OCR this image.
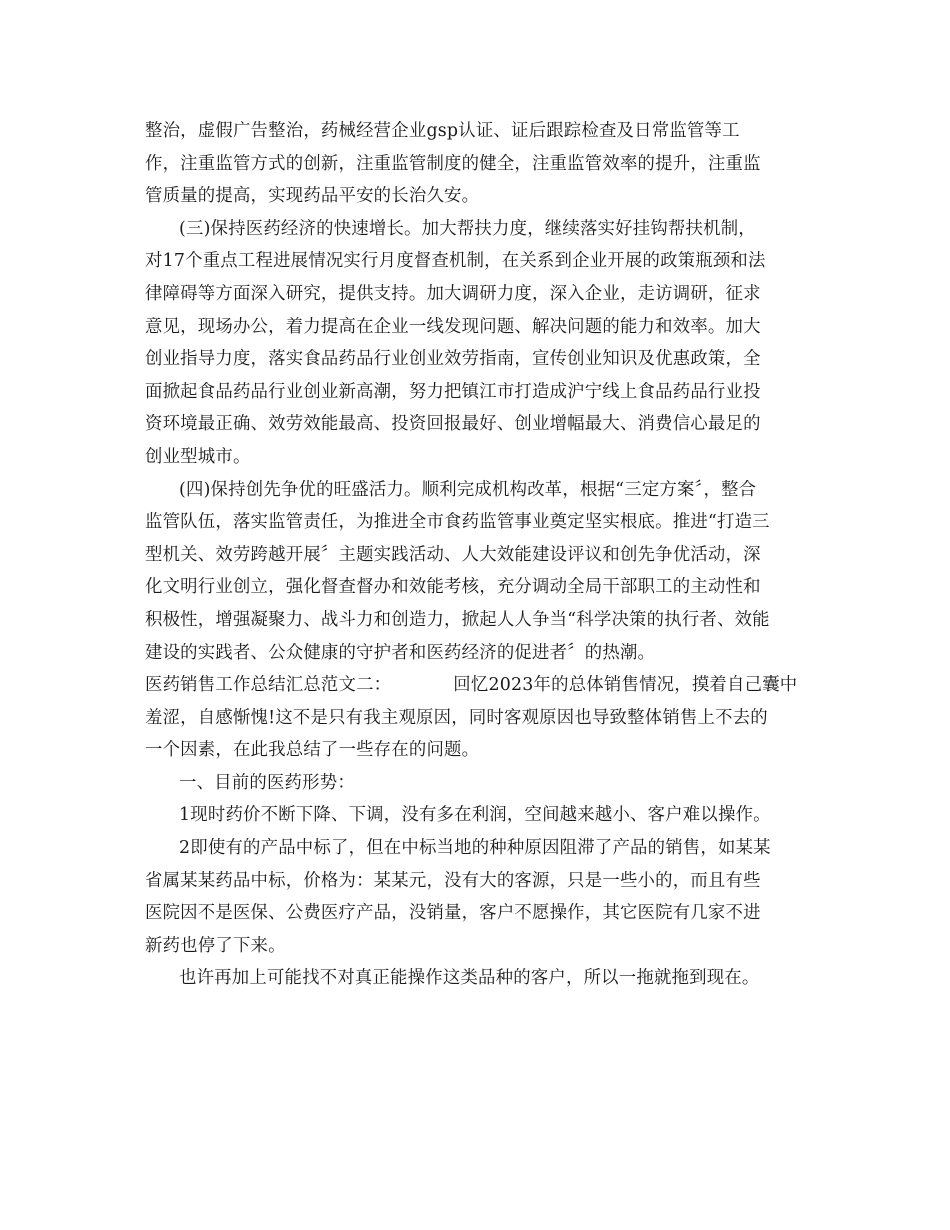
整治，虚假广告整治，药械经营企业gsp认证、证后跟踪检查及日常监管等工
作，注重监管方式的创新，注重监管制度的健全，注重监管效率的提升，注重监
管质量的提高，实现药品平安的长治久安。
(三)保持医药经济的快速增长。加大帮扶力度，继续落实好挂钩帮扶机制，
对17个重点工程进展情况实行月度督查机制，在关系到企业开展的政策瓶颈和法
律障碍等方面深入研究，提供支持。加大调研力度，深入企业，走访调研，征求
意见，现场办公，着力提高在企业一线发现问题、解决问题的能力和效率。加大
创业指导力度，落实食品药品行业创业效劳指南，宣传创业知识及优惠政策，全
面掀起食品药品行业创业新高潮，努力把镇江市打造成沪宁线上食品药品行业投
资环境最正确、效劳效能最高、投资回报最好、创业增幅最大、消费信心最足的
创业型城市。
(四)保持创先争优的旺盛活力。顺利完成机构改革，根据“三定方案〞，整合
监管队伍，落实监管责任，为推进全市食药监管事业奠定坚实根底。推进“打造三
型机关、效劳跨越开展〞主题实践活动、人大效能建设评议和创先争优活动，深
化文明行业创立，强化督查督办和效能考核，充分调动全局干部职工的主动性和
积极性，增强凝聚力、战斗力和创造力，掀起人人争当“科学决策的执行者、效能
建设的实践者、公众健康的守护者和医药经济的促进者〞的热潮。
医药销售工作总结汇总范文二：	回忆2023年的总体销售情况，摸着自己囊中
羞涩，自感惭愧!这不是只有我主观原因，同时客观原因也导致整体销售上不去的
一个因素，在此我总结了一些存在的问题。
一、目前的医药形势：
1现时药价不断下降、下调，没有多在利润，空间越来越小、客户难以操作。
2即使有的产品中标了，但在中标当地的种种原因阻滞了产品的销售，如某某
省属某某药品中标，价格为：某某元，没有大的客源，只是一些小的，而且有些
医院因不是医保、公费医疗产品，没销量，客户不愿操作，其它医院有几家不进
新药也停了下来。
也许再加上可能找不对真正能操作这类品种的客户，所以一拖就拖到现在。
